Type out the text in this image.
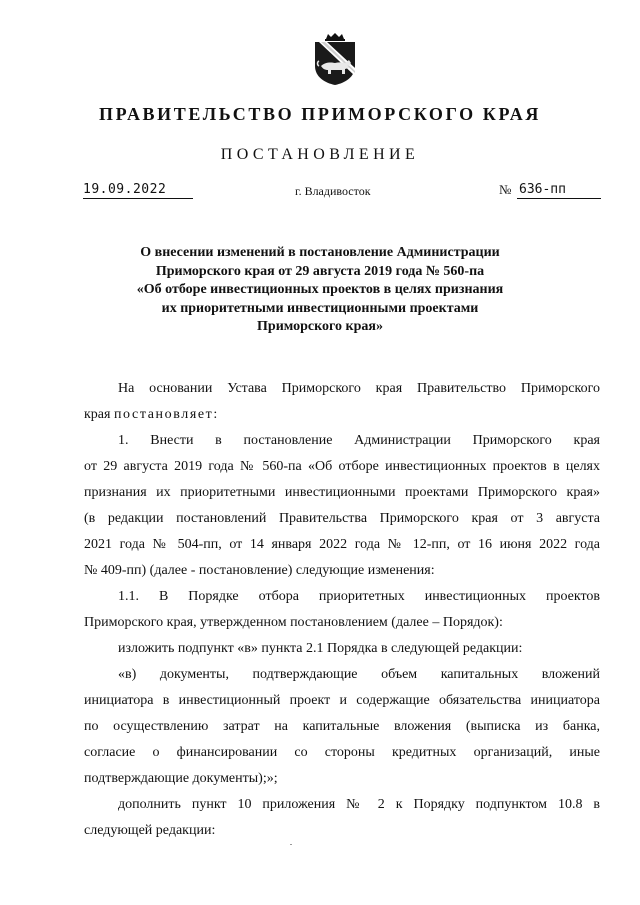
ПРАВИТЕЛЬСТВО ПРИМОРСКОГО КРАЯ
ПОСТАНОВЛЕНИЕ
19.09.2022	г. Владивосток	№ 636-пп
О внесении изменений в постановление Администрации
Приморского края от 29 августа 2019 года № 560-па
«Об отборе инвестиционных проектов в целях признания
их приоритетными инвестиционными проектами
Приморского края»
На основании Устава Приморского края Правительство Приморского
края постановляет:
1. Внести в постановление Администрации Приморского края
от 29 августа 2019 года № 560-па «Об отборе инвестиционных проектов в целях
признания их приоритетными инвестиционными проектами Приморского края»
(в редакции постановлений Правительства Приморского края от 3 августа
2021 года № 504-пп, от 14 января 2022 года № 12-пп, от 16 июня 2022 года
№ 409-пп) (далее - постановление) следующие изменения:
1.1. В Порядке отбора приоритетных инвестиционных проектов
Приморского края, утвержденном постановлением (далее – Порядок):
изложить подпункт «в» пункта 2.1 Порядка в следующей редакции:
«в) документы, подтверждающие объем капитальных вложений
инициатора в инвестиционный проект и содержащие обязательства инициатора
по осуществлению затрат на капитальные вложения (выписка из банка,
согласие о финансировании со стороны кредитных организаций, иные
подтверждающие документы);»;
дополнить пункт 10 приложения № 2 к Порядку подпунктом 10.8 в
следующей редакции:
